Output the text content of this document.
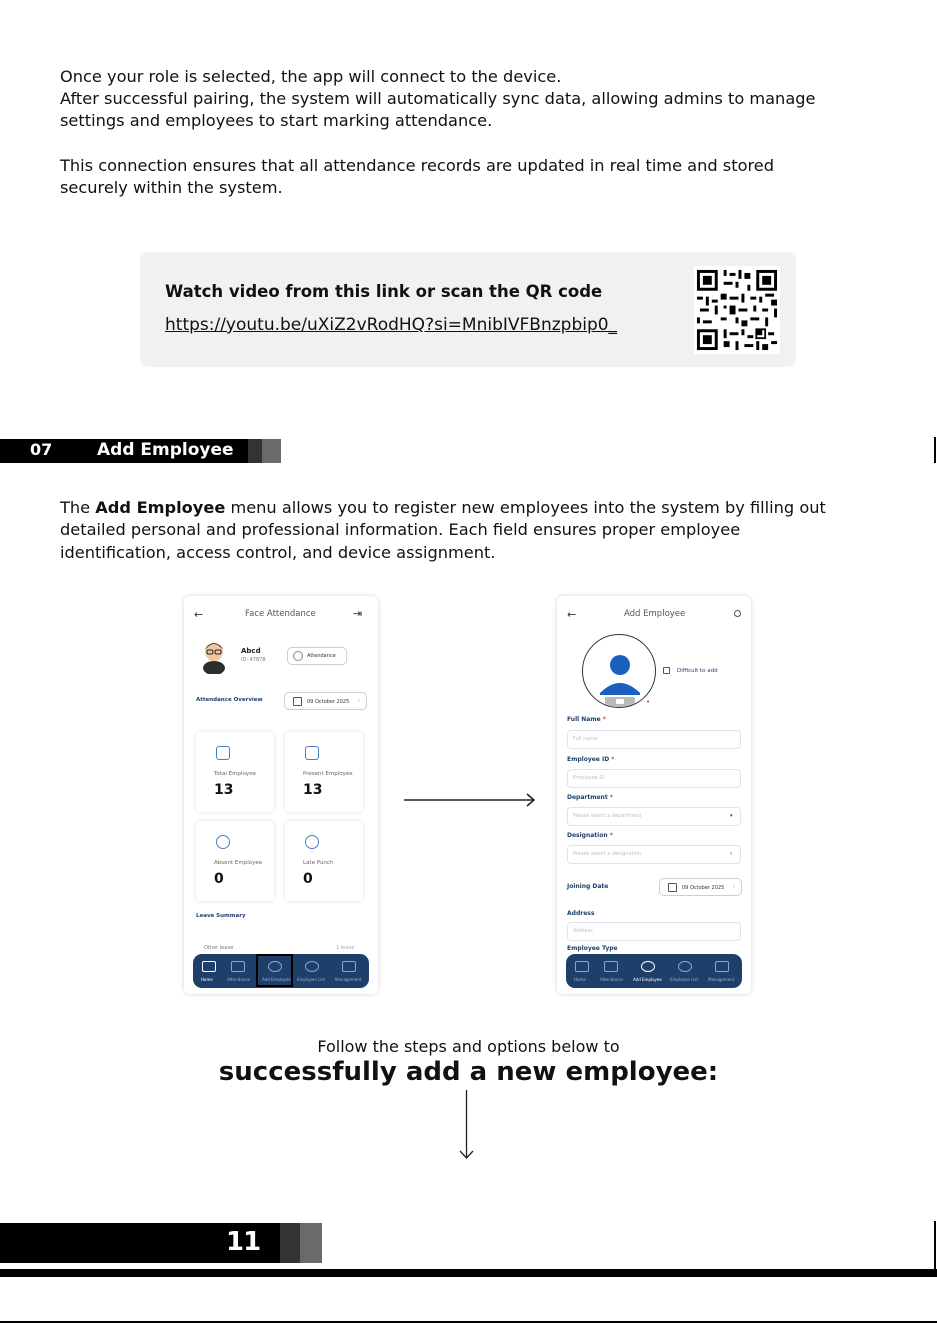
Once your role is selected, the app will connect to the device.
After successful pairing, the system will automatically sync data, allowing admins to manage settings and employees to start marking attendance.
This connection ensures that all attendance records are updated in real time and stored securely within the system.
Watch video from this link or scan the QR code
https://youtu.be/uXiZ2vRodHQ?si=MnibIVFBnzpbip0_
07	Add Employee
The Add Employee menu allows you to register new employees into the system by filling out detailed personal and professional information. Each field ensures proper employee identification, access control, and device assignment.
←	Face Attendance	⇥
Abcd
ID: 47878
Attendance
Attendance Overview	09 October 2025 ›
Total Employee
13
Present Employee
13
Absent Employee
0
Late Punch
0
Leave Summary
Other leave	1 leave
Home	Attendance	Add Employee Employee List Management
←	Add Employee
•
Difficult to add
Full Name *
Full name
Employee ID *
Employee ID
Department *
Please select a department	▾
Designation *
Please select a designation	▾
Joining Date	09 October 2025 ›
Address
Address
Employee Type
Home	Attendance	Add Employee Employee List Management
Follow the steps and options below to
successfully add a new employee:
11
